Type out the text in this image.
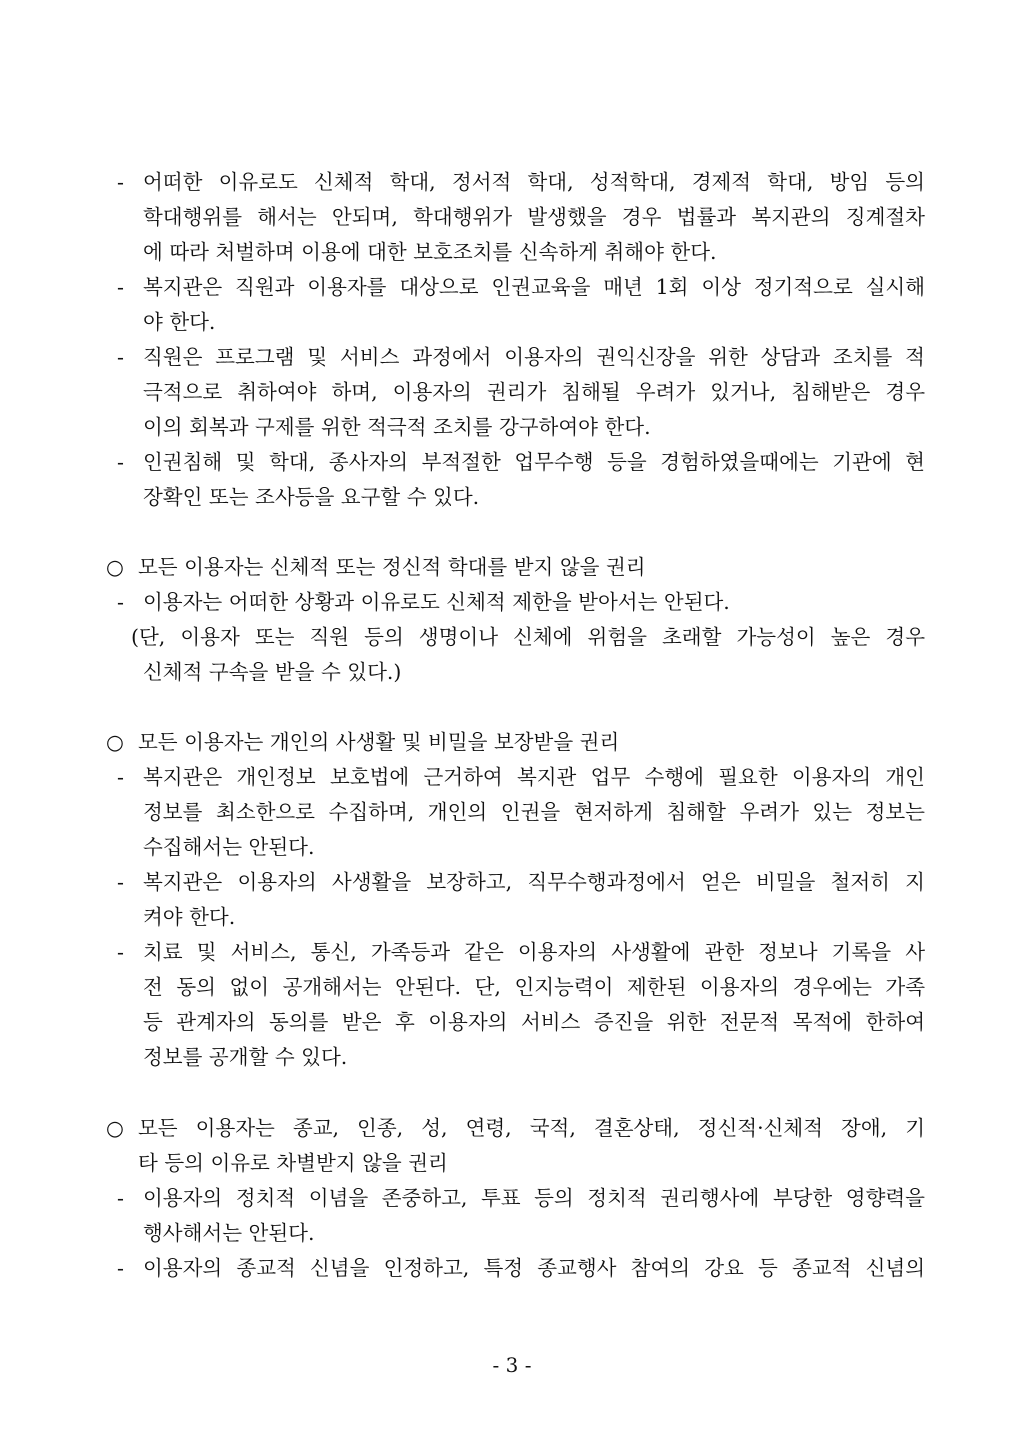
- 어떠한 이유로도 신체적 학대, 정서적 학대, 성적학대, 경제적 학대, 방임 등의
학대행위를 해서는 안되며, 학대행위가 발생했을 경우 법률과 복지관의 징계절차
에 따라 처벌하며 이용에 대한 보호조치를 신속하게 취해야 한다.
- 복지관은 직원과 이용자를 대상으로 인권교육을 매년 1회 이상 정기적으로 실시해
야 한다.
- 직원은 프로그램 및 서비스 과정에서 이용자의 권익신장을 위한 상담과 조치를 적
극적으로 취하여야 하며, 이용자의 권리가 침해될 우려가 있거나, 침해받은 경우
이의 회복과 구제를 위한 적극적 조치를 강구하여야 한다.
- 인권침해 및 학대, 종사자의 부적절한 업무수행 등을 경험하였을때에는 기관에 현
장확인 또는 조사등을 요구할 수 있다.
○ 모든 이용자는 신체적 또는 정신적 학대를 받지 않을 권리
- 이용자는 어떠한 상황과 이유로도 신체적 제한을 받아서는 안된다.
(단, 이용자 또는 직원 등의 생명이나 신체에 위험을 초래할 가능성이 높은 경우
신체적 구속을 받을 수 있다.)
○ 모든 이용자는 개인의 사생활 및 비밀을 보장받을 권리
- 복지관은 개인정보 보호법에 근거하여 복지관 업무 수행에 필요한 이용자의 개인
정보를 최소한으로 수집하며, 개인의 인권을 현저하게 침해할 우려가 있는 정보는
수집해서는 안된다.
- 복지관은 이용자의 사생활을 보장하고, 직무수행과정에서 얻은 비밀을 철저히 지
켜야 한다.
- 치료 및 서비스, 통신, 가족등과 같은 이용자의 사생활에 관한 정보나 기록을 사
전 동의 없이 공개해서는 안된다. 단, 인지능력이 제한된 이용자의 경우에는 가족
등 관계자의 동의를 받은 후 이용자의 서비스 증진을 위한 전문적 목적에 한하여
정보를 공개할 수 있다.
○ 모든 이용자는 종교, 인종, 성, 연령, 국적, 결혼상태, 정신적·신체적 장애, 기
타 등의 이유로 차별받지 않을 권리
- 이용자의 정치적 이념을 존중하고, 투표 등의 정치적 권리행사에 부당한 영향력을
행사해서는 안된다.
- 이용자의 종교적 신념을 인정하고, 특정 종교행사 참여의 강요 등 종교적 신념의
- 3 -
